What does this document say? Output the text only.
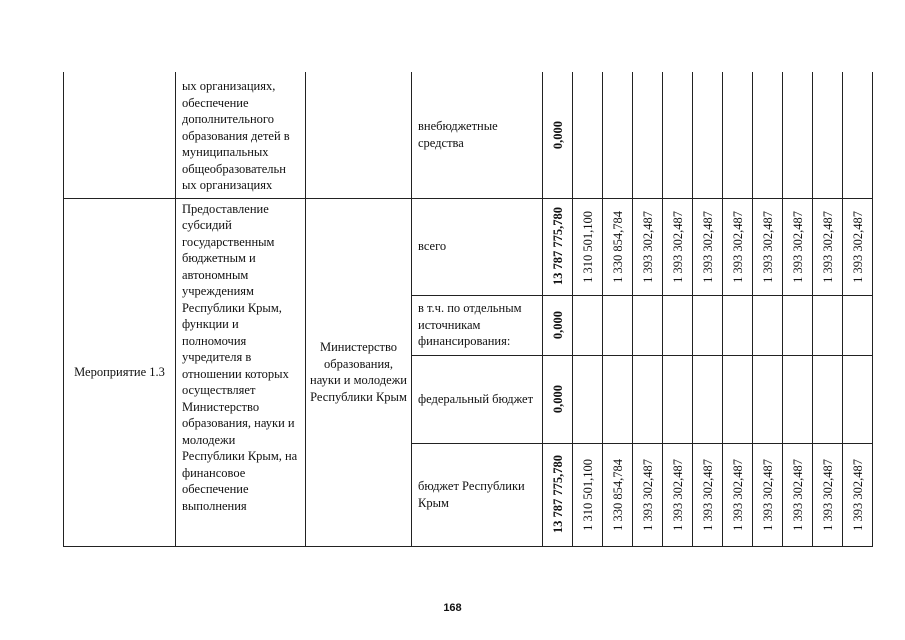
	ых организациях, обеспечение дополнительного образования детей в муниципальных общеобразовательн ых организациях		внебюджетные средства	0,000										

Мероприятие 1.3	Предоставление субсидий государственным бюджетным и автономным учреждениям Республики Крым, функции и полномочия учредителя в отношении которых осуществляет Министерство образования, науки и молодежи Республики Крым, на финансовое обеспечение выполнения	Министерство образования, науки и молодежи Республики Крым	всего	13 787 775,780	1 310 501,100	1 330 854,784	1 393 302,487	1 393 302,487	1 393 302,487	1 393 302,487	1 393 302,487	1 393 302,487	1 393 302,487	1 393 302,487

			в т.ч. по отдельным источникам финансирования:	0,000										

			федеральный бюджет	0,000										

			бюджет Республики Крым	13 787 775,780	1 310 501,100	1 330 854,784	1 393 302,487	1 393 302,487	1 393 302,487	1 393 302,487	1 393 302,487	1 393 302,487	1 393 302,487	1 393 302,487
168
